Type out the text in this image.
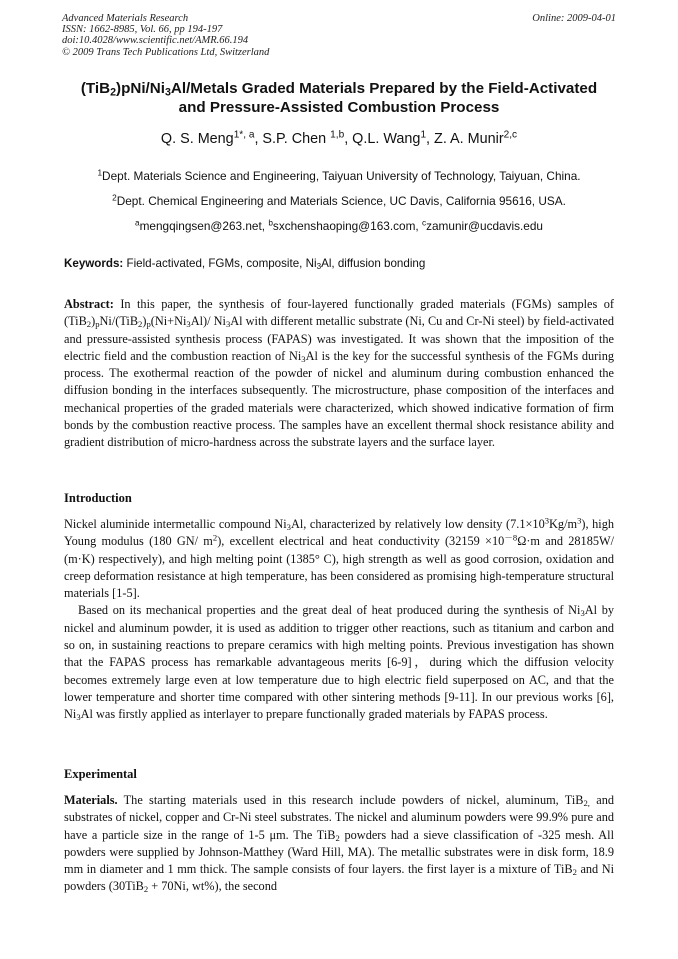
Advanced Materials Research
ISSN: 1662-8985, Vol. 66, pp 194-197
doi:10.4028/www.scientific.net/AMR.66.194
© 2009 Trans Tech Publications Ltd, Switzerland
Online: 2009-04-01
$(TiB_2)pNi/Ni_3Al$/Metals Graded Materials Prepared by the Field-Activated
and Pressure-Assisted Combustion Process
Q. S. Meng$^{1*, a}$, S.P. Chen $^{1,b}$, Q.L. Wang$^1$, Z. A. Munir$^{2,c}$
$^1$Dept. Materials Science and Engineering, Taiyuan University of Technology, Taiyuan, China.
$^2$Dept. Chemical Engineering and Materials Science, UC Davis, California 95616, USA.
$^a$mengqingsen@263.net, $^b$sxchenshaoping@163.com, $^c$zamunir@ucdavis.edu
Keywords: Field-activated, FGMs, composite, $Ni_3Al$, diffusion bonding

Abstract: In this paper, the synthesis of four-layered functionally graded materials (FGMs) samples of $(TiB_2)_pNi/(TiB_2)_p(Ni+Ni_3Al)/$ $Ni_3Al$ with different metallic substrate (Ni, Cu and Cr-Ni steel) by field-activated and pressure-assisted synthesis process (FAPAS) was investigated. It was shown that the imposition of the electric field and the combustion reaction of $Ni_3Al$ is the key for the successful synthesis of the FGMs during process. The exothermal reaction of the powder of nickel and aluminum during combustion enhanced the diffusion bonding in the interfaces subsequently. The microstructure, phase composition of the interfaces and mechanical properties of the graded materials were characterized, which showed indicative formation of firm bonds by the combustion reactive process. The samples have an excellent thermal shock resistance ability and gradient distribution of micro-hardness across the substrate layers and the surface layer.

Introduction

Nickel aluminide intermetallic compound $Ni_3Al$, characterized by relatively low density $(7.1\times 10^3Kg/m^3)$, high Young modulus (180 GN/ $m^2$), excellent electrical and heat conductivity ($32159 \times 10^{-8}\Omega\cdot m$ and 28185W/ (m·K) respectively), and high melting point (1385° C), high strength as well as good corrosion, oxidation and creep deformation resistance at high temperature, has been considered as promising high-temperature structural materials [1-5].

Based on its mechanical properties and the great deal of heat produced during the synthesis of $Ni_3Al$ by nickel and aluminum powder, it is used as addition to trigger other reactions, such as titanium and carbon and so on, in sustaining reactions to prepare ceramics with high melting points. Previous investigation has shown that the FAPAS process has remarkable advantageous merits [6-9]，during which the diffusion velocity becomes extremely large even at low temperature due to high electric field superposed on AC, and that the lower temperature and shorter time compared with other sintering methods [9-11]. In our previous works [6], $Ni_3Al$ was firstly applied as interlayer to prepare functionally graded materials by FAPAS process.

Experimental

Materials. The starting materials used in this research include powders of nickel, aluminum, TiB$_{2,}$ and substrates of nickel, copper and Cr-Ni steel substrates. The nickel and aluminum powders were 99.9% pure and have a particle size in the range of 1-5 μm. The TiB$_2$ powders had a sieve classification of -325 mesh. All powders were supplied by Johnson-Matthey (Ward Hill, MA). The metallic substrates were in disk form, 18.9 mm in diameter and 1 mm thick. The sample consists of four layers. the first layer is a mixture of TiB$_2$ and Ni powders (30TiB$_2$ + 70Ni, wt%), the second
